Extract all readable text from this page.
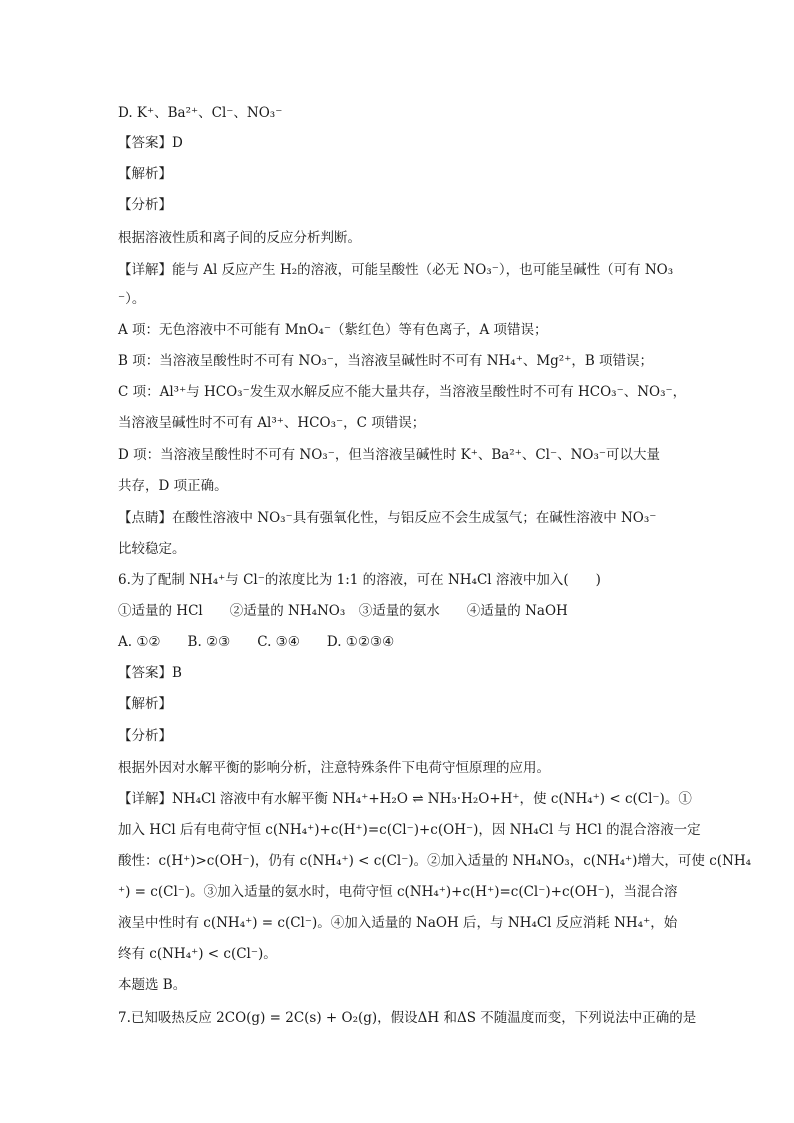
D. K⁺、Ba²⁺、Cl⁻、NO₃⁻
【答案】D
【解析】
【分析】
根据溶液性质和离子间的反应分析判断。
【详解】能与 Al 反应产生 H₂的溶液，可能呈酸性（必无 NO₃⁻），也可能呈碱性（可有 NO₃
⁻）。
A 项：无色溶液中不可能有 MnO₄⁻（紫红色）等有色离子，A 项错误；
B 项：当溶液呈酸性时不可有 NO₃⁻，当溶液呈碱性时不可有 NH₄⁺、Mg²⁺，B 项错误；
C 项：Al³⁺与 HCO₃⁻发生双水解反应不能大量共存，当溶液呈酸性时不可有 HCO₃⁻、NO₃⁻，
当溶液呈碱性时不可有 Al³⁺、HCO₃⁻，C 项错误；
D 项：当溶液呈酸性时不可有 NO₃⁻，但当溶液呈碱性时 K⁺、Ba²⁺、Cl⁻、NO₃⁻可以大量
共存，D 项正确。
【点睛】在酸性溶液中 NO₃⁻具有强氧化性，与铝反应不会生成氢气；在碱性溶液中 NO₃⁻
比较稳定。
6.为了配制 NH₄⁺与 Cl⁻的浓度比为 1:1 的溶液，可在 NH₄Cl 溶液中加入(　　)
①适量的 HCl　　②适量的 NH₄NO₃　③适量的氨水　　④适量的 NaOH
A. ①②　　B. ②③　　C. ③④　　D. ①②③④
【答案】B
【解析】
【分析】
根据外因对水解平衡的影响分析，注意特殊条件下电荷守恒原理的应用。
【详解】NH₄Cl 溶液中有水解平衡 NH₄⁺+H₂O ⇌ NH₃·H₂O+H⁺，使 c(NH₄⁺) < c(Cl⁻)。①
加入 HCl 后有电荷守恒 c(NH₄⁺)+c(H⁺)=c(Cl⁻)+c(OH⁻)，因 NH₄Cl 与 HCl 的混合溶液一定
酸性：c(H⁺)>c(OH⁻)，仍有 c(NH₄⁺) < c(Cl⁻)。②加入适量的 NH₄NO₃，c(NH₄⁺)增大，可使 c(NH₄
⁺) = c(Cl⁻)。③加入适量的氨水时，电荷守恒 c(NH₄⁺)+c(H⁺)=c(Cl⁻)+c(OH⁻)，当混合溶
液呈中性时有 c(NH₄⁺) = c(Cl⁻)。④加入适量的 NaOH 后，与 NH₄Cl 反应消耗 NH₄⁺，始
终有 c(NH₄⁺) < c(Cl⁻)。
本题选 B。
7.已知吸热反应 2CO(g) = 2C(s) + O₂(g)，假设ΔH 和ΔS 不随温度而变，下列说法中正确的是
